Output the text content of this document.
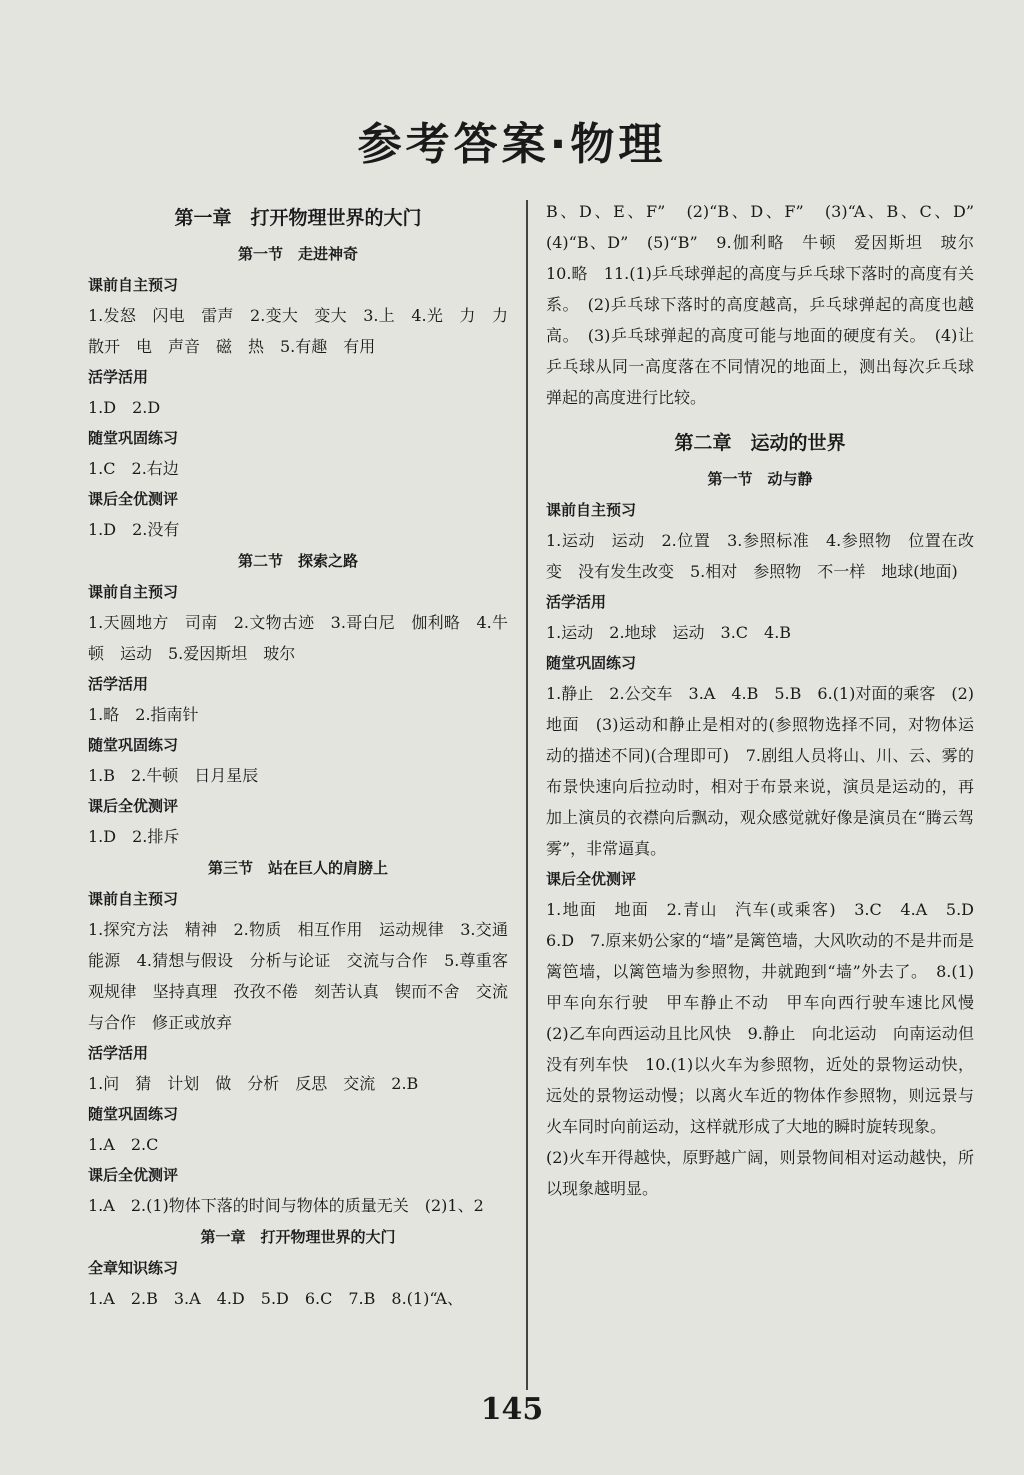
参考答案·物理
第一章　打开物理世界的大门
第一节　走进神奇
课前自主预习
1.发怒　闪电　雷声　2.变大　变大　3.上　4.光　力　力　散开　电　声音　磁　热　5.有趣　有用
活学活用
1.D　2.D
随堂巩固练习
1.C　2.右边
课后全优测评
1.D　2.没有
第二节　探索之路
课前自主预习
1.天圆地方　司南　2.文物古迹　3.哥白尼　伽利略　4.牛顿　运动　5.爱因斯坦　玻尔
活学活用
1.略　2.指南针
随堂巩固练习
1.B　2.牛顿　日月星辰
课后全优测评
1.D　2.排斥
第三节　站在巨人的肩膀上
课前自主预习
1.探究方法　精神　2.物质　相互作用　运动规律　3.交通　能源　4.猜想与假设　分析与论证　交流与合作　5.尊重客观规律　坚持真理　孜孜不倦　刻苦认真　锲而不舍　交流与合作　修正或放弃
活学活用
1.问　猜　计划　做　分析　反思　交流　2.B
随堂巩固练习
1.A　2.C
课后全优测评
1.A　2.(1)物体下落的时间与物体的质量无关　(2)1、2
第一章　打开物理世界的大门
全章知识练习
1.A　2.B　3.A　4.D　5.D　6.C　7.B　8.(1)“A、
B、D、E、F”　(2)“B、D、F”　(3)“A、B、C、D”　(4)“B、D”　(5)“B”　9.伽利略　牛顿　爱因斯坦　玻尔　10.略　11.(1)乒乓球弹起的高度与乒乓球下落时的高度有关系。　(2)乒乓球下落时的高度越高，乒乓球弹起的高度也越高。　(3)乒乓球弹起的高度可能与地面的硬度有关。　(4)让乒乓球从同一高度落在不同情况的地面上，测出每次乒乓球弹起的高度进行比较。
第二章　运动的世界
第一节　动与静
课前自主预习
1.运动　运动　2.位置　3.参照标准　4.参照物　位置在改变　没有发生改变　5.相对　参照物　不一样　地球(地面)
活学活用
1.运动　2.地球　运动　3.C　4.B
随堂巩固练习
1.静止　2.公交车　3.A　4.B　5.B　6.(1)对面的乘客　(2)地面　(3)运动和静止是相对的(参照物选择不同，对物体运动的描述不同)(合理即可)　7.剧组人员将山、川、云、雾的布景快速向后拉动时，相对于布景来说，演员是运动的，再加上演员的衣襟向后飘动，观众感觉就好像是演员在“腾云驾雾”，非常逼真。
课后全优测评
1.地面　地面　2.青山　汽车(或乘客)　3.C　4.A　5.D　6.D　7.原来奶公家的“墙”是篱笆墙，大风吹动的不是井而是篱笆墙，以篱笆墙为参照物，井就跑到“墙”外去了。　8.(1)甲车向东行驶　甲车静止不动　甲车向西行驶车速比风慢　(2)乙车向西运动且比风快　9.静止　向北运动　向南运动但没有列车快　10.(1)以火车为参照物，近处的景物运动快，远处的景物运动慢；以离火车近的物体作参照物，则远景与火车同时向前运动，这样就形成了大地的瞬时旋转现象。
(2)火车开得越快，原野越广阔，则景物间相对运动越快，所以现象越明显。
145
